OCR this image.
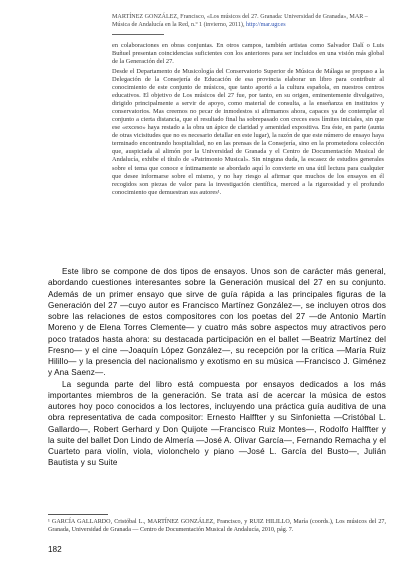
MARTÍNEZ GONZÁLEZ, Francisco, «Los músicos del 27. Granada: Universidad de Granada», MAR – Música de Andalucía en la Red, n.º 1 (invierno, 2011), http://mar.ugr.es

en colaboraciones en obras conjuntas. En otros campos, también artistas como Salvador Dalí o Luis Buñuel presentan coincidencias suficientes con los anteriores para ser incluidos en una visión más global de la Generación del 27.

Desde el Departamento de Musicología del Conservatorio Superior de Música de Málaga se propuso a la Delegación de la Consejería de Educación de esa provincia elaborar un libro para contribuir al conocimiento de este conjunto de músicos, que tanto aportó a la cultura española, en nuestros centros educativos. El objetivo de Los músicos del 27 fue, por tanto, en su origen, eminentemente divulgativo, dirigido principalmente a servir de apoyo, como material de consulta, a la enseñanza en institutos y conservatorios. Mas creemos no pecar de inmodestos si afirmamos ahora, capaces ya de contemplar el conjunto a cierta distancia, que el resultado final ha sobrepasado con creces esos límites iniciales, sin que ese «exceso» haya restado a la obra un ápice de claridad y amenidad expositiva. Era éste, en parte (aunta de otras vicisitudes que no es necesario detallar en este lugar), la razón de que este número de ensayo haya terminado encontrando hospitalidad, no en las prensas de la Consejería, sino en la prometedora colección que, auspiciada al alimón por la Universidad de Granada y el Centro de Documentación Musical de Andalucía, exhibe el título de «Patrimonio Musical». Sin ninguna duda, la escasez de estudios generales sobre el tema que conoce e íntimamente se abordado aquí lo convierte en una útil lectura para cualquier que desee informarse sobre el mismo, y no hay riesgo al afirmar que muchos de los ensayos en él recogidos son piezas de valor para la investigación científica, merced a la rigurosidad y el profundo conocimiento que demuestran sus autores¹.

Este libro se compone de dos tipos de ensayos. Unos son de carácter más general, abordando cuestiones interesantes sobre la Generación musical del 27 en su conjunto. Además de un primer ensayo que sirve de guía rápida a las principales figuras de la Generación del 27 —cuyo autor es Francisco Martínez González—, se incluyen otros dos sobre las relaciones de estos compositores con los poetas del 27 —de Antonio Martín Moreno y de Elena Torres Clemente— y cuatro más sobre aspectos muy atractivos pero poco tratados hasta ahora: su destacada participación en el ballet —Beatriz Martínez del Fresno— y el cine —Joaquín López González—, su recepción por la crítica —María Ruiz Hilillo— y la presencia del nacionalismo y exotismo en su música —Francisco J. Giménez y Ana Saenz—.

La segunda parte del libro está compuesta por ensayos dedicados a los más importantes miembros de la generación. Se trata así de acercar la música de estos autores hoy poco conocidos a los lectores, incluyendo una práctica guía auditiva de una obra representativa de cada compositor: Ernesto Halffter y su Sinfonietta —Cristóbal L. Gallardo—, Robert Gerhard y Don Quijote —Francisco Ruiz Montes—, Rodolfo Halffter y la suite del ballet Don Lindo de Almería —José A. Olivar García—, Fernando Remacha y el Cuarteto para violín, viola, violonchelo y piano —José L. García del Busto—, Julián Bautista y su Suite

¹ GARCÍA GALLARDO, Cristóbal L., MARTÍNEZ GONZÁLEZ, Francisco, y RUIZ HILILLO, María (coords.), Los músicos del 27, Granada, Universidad de Granada — Centro de Documentación Musical de Andalucía, 2010, pág. 7.
182
